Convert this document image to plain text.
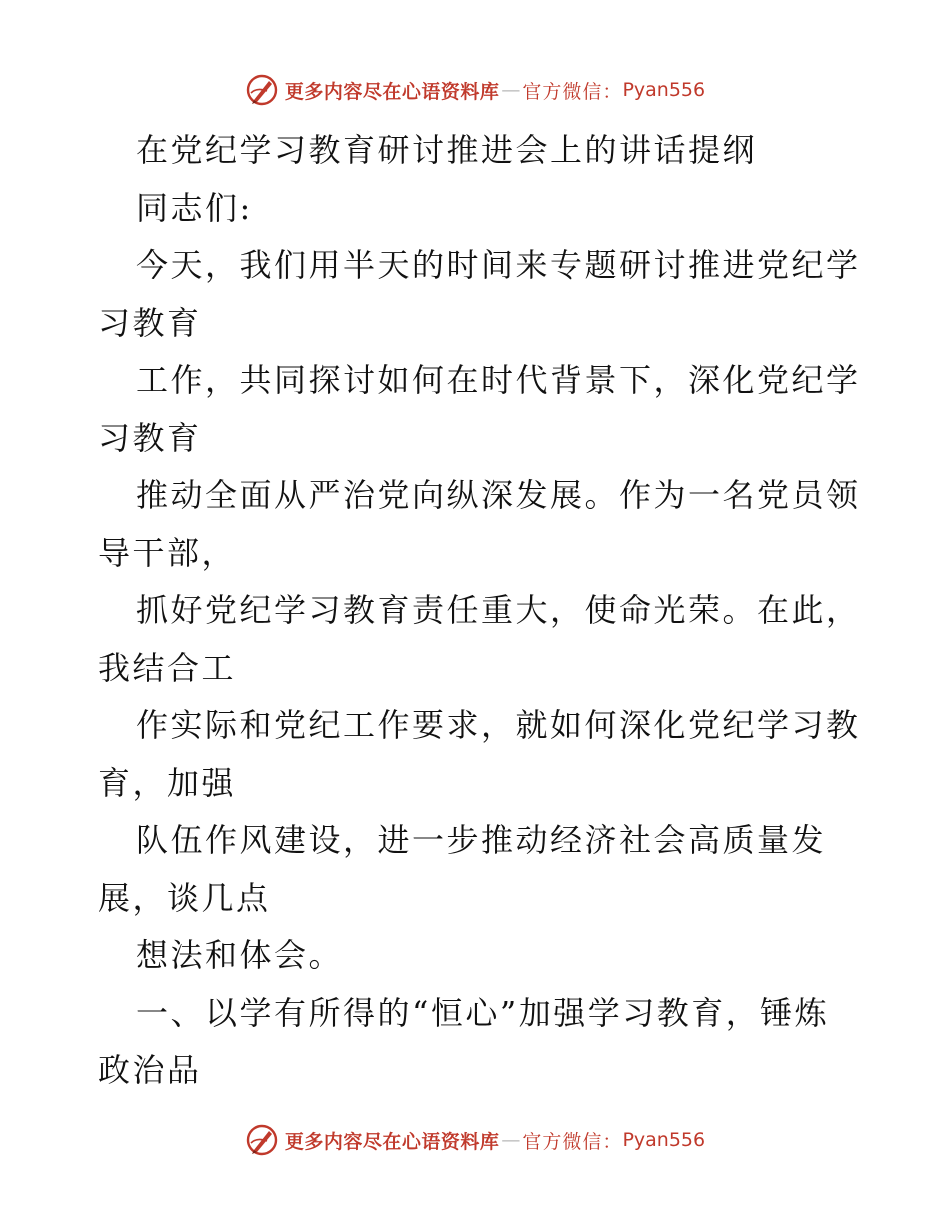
更多内容尽在心语资料库 — 官方微信： Pyan556
在党纪学习教育研讨推进会上的讲话提纲
同志们:
今天，我们用半天的时间来专题研讨推进党纪学
习教育
工作，共同探讨如何在时代背景下，深化党纪学
习教育
推动全面从严治党向纵深发展。作为一名党员领
导干部，
抓好党纪学习教育责任重大，使命光荣。在此，
我结合工
作实际和党纪工作要求，就如何深化党纪学习教
育，加强
队伍作风建设，进一步推动经济社会高质量发
展，谈几点
想法和体会。
一、以学有所得的“恒心”加强学习教育，锤炼
政治品
更多内容尽在心语资料库 — 官方微信： Pyan556
